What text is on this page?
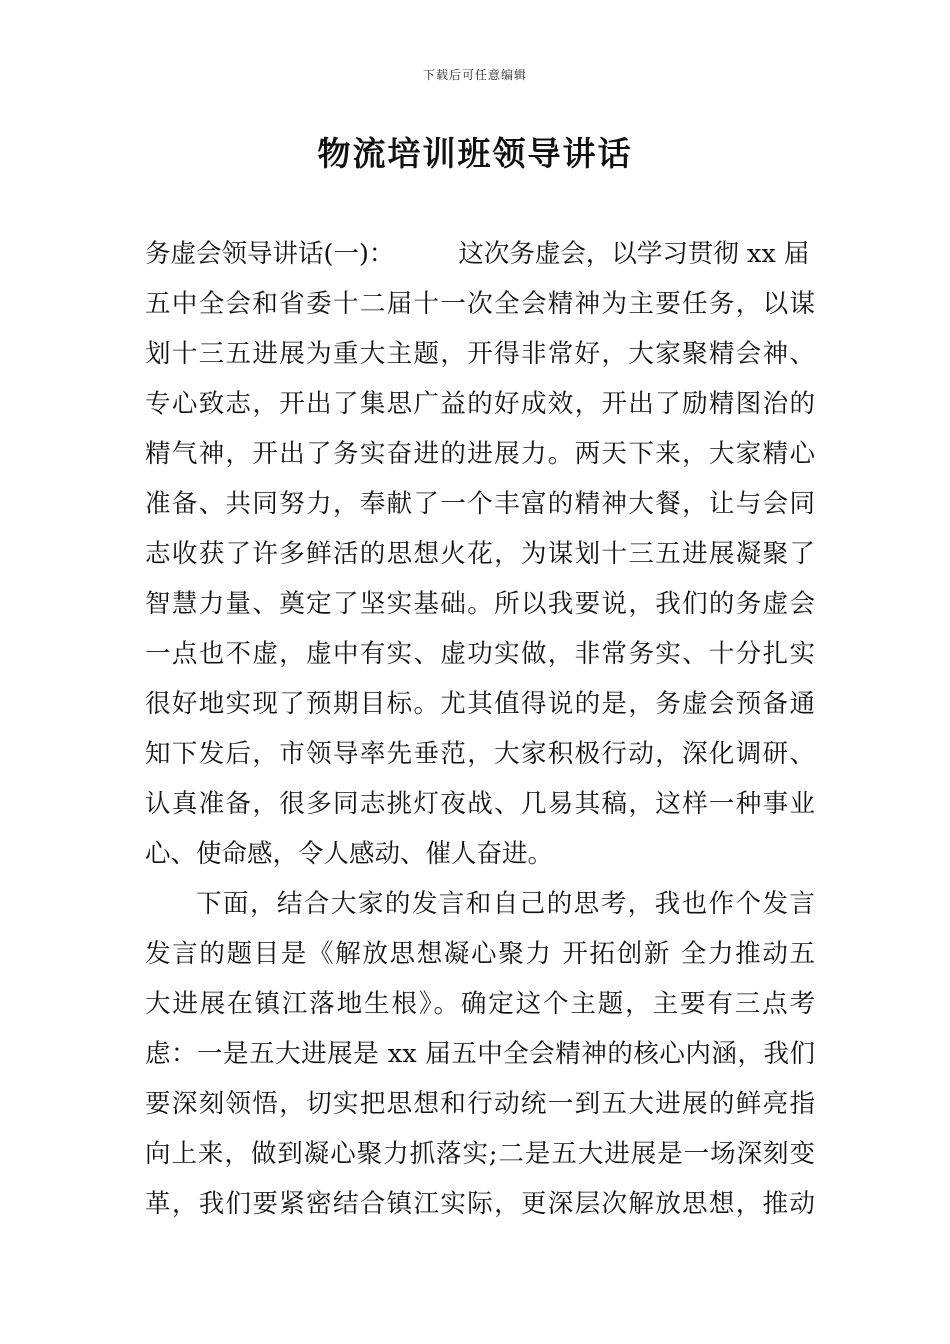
下载后可任意编辑
物流培训班领导讲话
务虚会领导讲话(一)：	这次务虚会，以学习贯彻 xx 届
五中全会和省委十二届十一次全会精神为主要任务，以谋
划十三五进展为重大主题，开得非常好，大家聚精会神、
专心致志，开出了集思广益的好成效，开出了励精图治的
精气神，开出了务实奋进的进展力。两天下来，大家精心
准备、共同努力，奉献了一个丰富的精神大餐，让与会同
志收获了许多鲜活的思想火花，为谋划十三五进展凝聚了
智慧力量、奠定了坚实基础。所以我要说，我们的务虚会
一点也不虚，虚中有实、虚功实做，非常务实、十分扎实
很好地实现了预期目标。尤其值得说的是，务虚会预备通
知下发后，市领导率先垂范，大家积极行动，深化调研、
认真准备，很多同志挑灯夜战、几易其稿，这样一种事业
心、使命感，令人感动、催人奋进。
下面，结合大家的发言和自己的思考，我也作个发言
发言的题目是《解放思想凝心聚力 开拓创新 全力推动五
大进展在镇江落地生根》。确定这个主题，主要有三点考
虑：一是五大进展是 xx 届五中全会精神的核心内涵，我们
要深刻领悟，切实把思想和行动统一到五大进展的鲜亮指
向上来，做到凝心聚力抓落实;二是五大进展是一场深刻变
革，我们要紧密结合镇江实际，更深层次解放思想，推动
